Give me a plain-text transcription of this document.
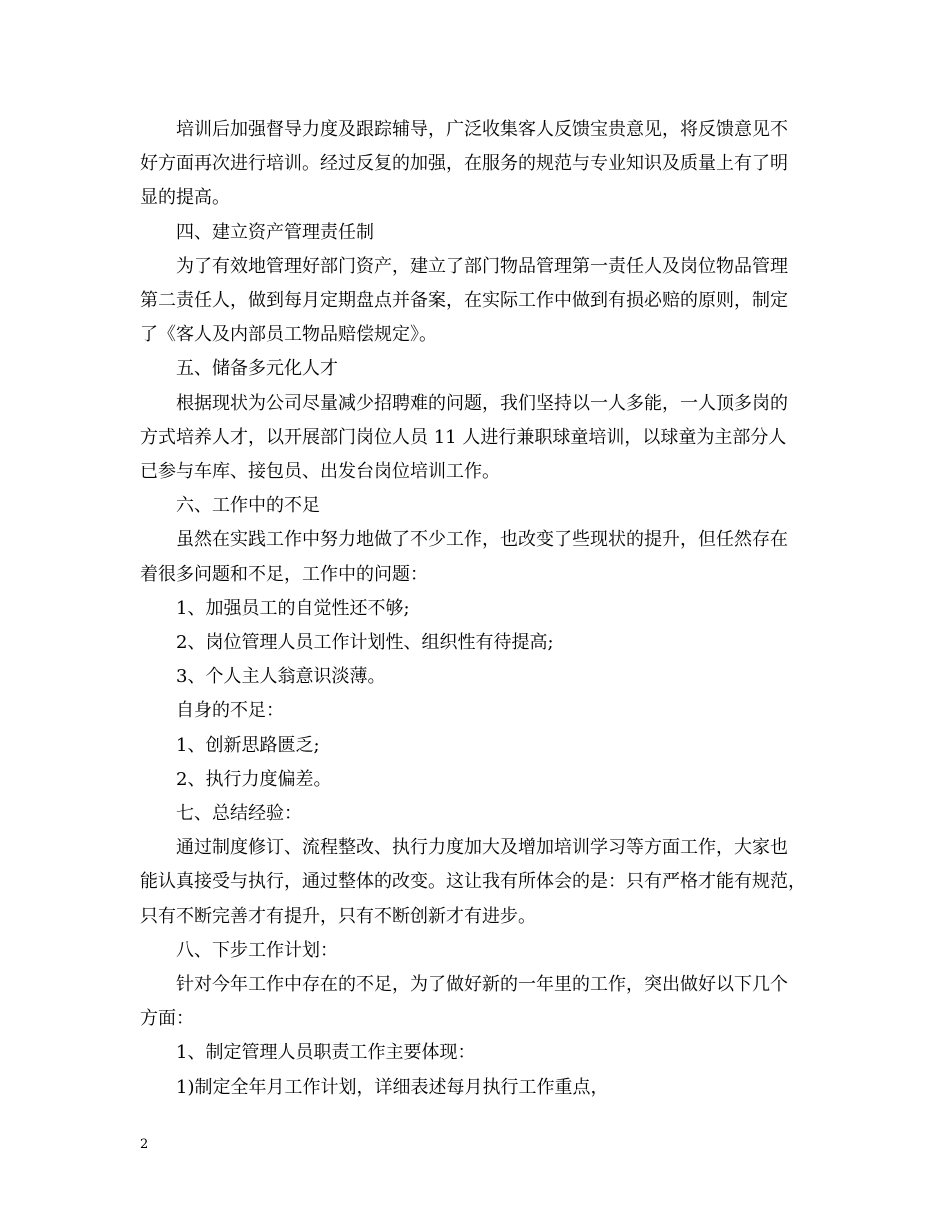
培训后加强督导力度及跟踪辅导，广泛收集客人反馈宝贵意见，将反馈意见不
好方面再次进行培训。经过反复的加强，在服务的规范与专业知识及质量上有了明
显的提高。
四、建立资产管理责任制
为了有效地管理好部门资产，建立了部门物品管理第一责任人及岗位物品管理
第二责任人，做到每月定期盘点并备案，在实际工作中做到有损必赔的原则，制定
了《客人及内部员工物品赔偿规定》。
五、储备多元化人才
根据现状为公司尽量减少招聘难的问题，我们坚持以一人多能，一人顶多岗的
方式培养人才，以开展部门岗位人员 11 人进行兼职球童培训，以球童为主部分人
已参与车库、接包员、出发台岗位培训工作。
六、工作中的不足
虽然在实践工作中努力地做了不少工作，也改变了些现状的提升，但任然存在
着很多问题和不足，工作中的问题：
1、加强员工的自觉性还不够;
2、岗位管理人员工作计划性、组织性有待提高;
3、个人主人翁意识淡薄。
自身的不足：
1、创新思路匮乏;
2、执行力度偏差。
七、总结经验：
通过制度修订、流程整改、执行力度加大及增加培训学习等方面工作，大家也
能认真接受与执行，通过整体的改变。这让我有所体会的是：只有严格才能有规范，
只有不断完善才有提升，只有不断创新才有进步。
八、下步工作计划：
针对今年工作中存在的不足，为了做好新的一年里的工作，突出做好以下几个
方面：
1、制定管理人员职责工作主要体现：
1)制定全年月工作计划，详细表述每月执行工作重点，
2
